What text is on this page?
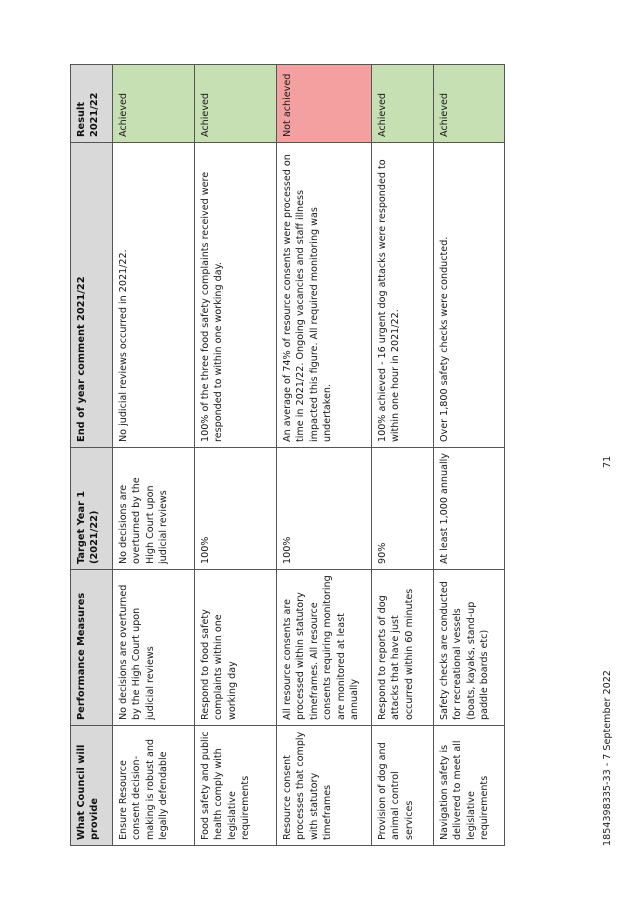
What Council will provide	Performance Measures	Target Year 1 (2021/22)	End of year comment 2021/22	Result 2021/22
Ensure Resource consent decision-making is robust and legally defendable	No decisions are overturned by the High Court upon judicial reviews	No decisions are overturned by the High Court upon judicial reviews	No judicial reviews occurred in 2021/22.	Achieved
Food safety and public health comply with legislative requirements	Respond to food safety complaints within one working day	100%	100% of the three food safety complaints received were responded to within one working day.	Achieved
Resource consent processes that comply with statutory timeframes	All resource consents are processed within statutory timeframes. All resource consents requiring monitoring are monitored at least annually	100%	An average of 74% of resource consents were processed on time in 2021/22. Ongoing vacancies and staff illness impacted this figure. All required monitoring was undertaken.	Not achieved
Provision of dog and animal control services	Respond to reports of dog attacks that have just occurred within 60 minutes	90%	100% achieved - 16 urgent dog attacks were responded to within one hour in 2021/22.	Achieved
Navigation safety is delivered to meet all legislative requirements	Safety checks are conducted for recreational vessels (boats, kayaks, stand-up paddle boards etc)	At least 1,000 annually	Over 1,800 safety checks were conducted.	Achieved
1854398335-33 - 7 September 2022
71
